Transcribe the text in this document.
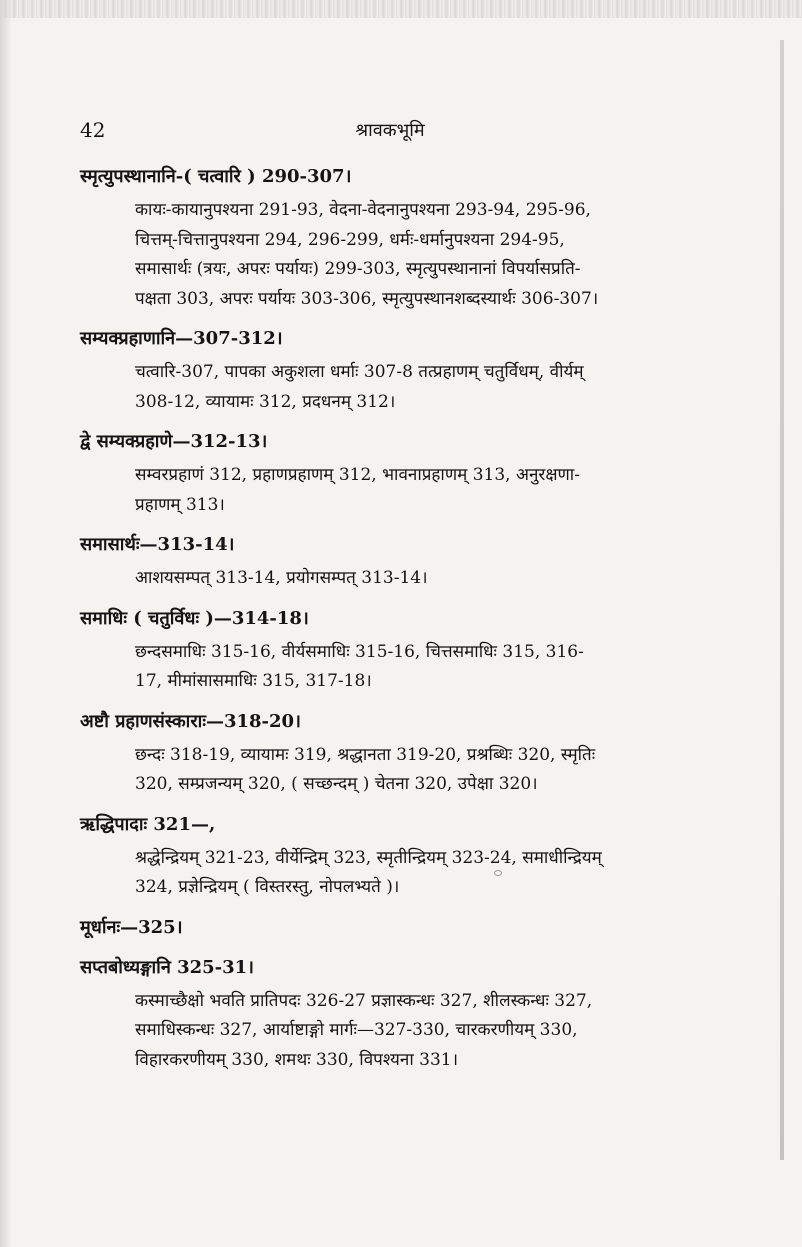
42	श्रावकभूमि
स्मृत्युपस्थानानि-( चत्वारि ) 290-307।
कायः-कायानुपश्यना 291-93, वेदना-वेदनानुपश्यना 293-94, 295-96,
चित्तम्-चित्तानुपश्यना 294, 296-299, धर्मः-धर्मानुपश्यना 294-95,
समासार्थः (त्रयः, अपरः पर्यायः) 299-303, स्मृत्युपस्थानानां विपर्यासप्रति-
पक्षता 303, अपरः पर्यायः 303-306, स्मृत्युपस्थानशब्दस्यार्थः 306-307।
सम्यक्प्रहाणानि—307-312।
चत्वारि-307, पापका अकुशला धर्माः 307-8 तत्प्रहाणम् चतुर्विधम्, वीर्यम्
308-12, व्यायामः 312, प्रदधनम् 312।
द्वे सम्यक्प्रहाणे—312-13।
सम्वरप्रहाणं 312, प्रहाणप्रहाणम् 312, भावनाप्रहाणम् 313, अनुरक्षणा-
प्रहाणम् 313।
समासार्थः—313-14।
आशयसम्पत् 313-14, प्रयोगसम्पत् 313-14।
समाधिः ( चतुर्विधः )—314-18।
छन्दसमाधिः 315-16, वीर्यसमाधिः 315-16, चित्तसमाधिः 315, 316-
17, मीमांसासमाधिः 315, 317-18।
अष्टौ प्रहाणसंस्काराः—318-20।
छन्दः 318-19, व्यायामः 319, श्रद्धानता 319-20, प्रश्रब्धिः 320, स्मृतिः
320, सम्प्रजन्यम् 320, ( सच्छन्दम् ) चेतना 320, उपेक्षा 320।
ऋद्धिपादाः 321—,
श्रद्धेन्द्रियम् 321-23, वीर्येन्द्रिम् 323, स्मृतीन्द्रियम् 323-24, समाधीन्द्रियम्
324, प्रज्ञेन्द्रियम् ( विस्तरस्तु, नोपलभ्यते )।
मूर्धानः—325।
सप्तबोध्यङ्गानि 325-31।
कस्माच्छैक्षो भवति प्रातिपदः 326-27 प्रज्ञास्कन्धः 327, शीलस्कन्धः 327,
समाधिस्कन्धः 327, आर्याष्टाङ्गो मार्गः—327-330, चारकरणीयम् 330,
विहारकरणीयम् 330, शमथः 330, विपश्यना 331।
